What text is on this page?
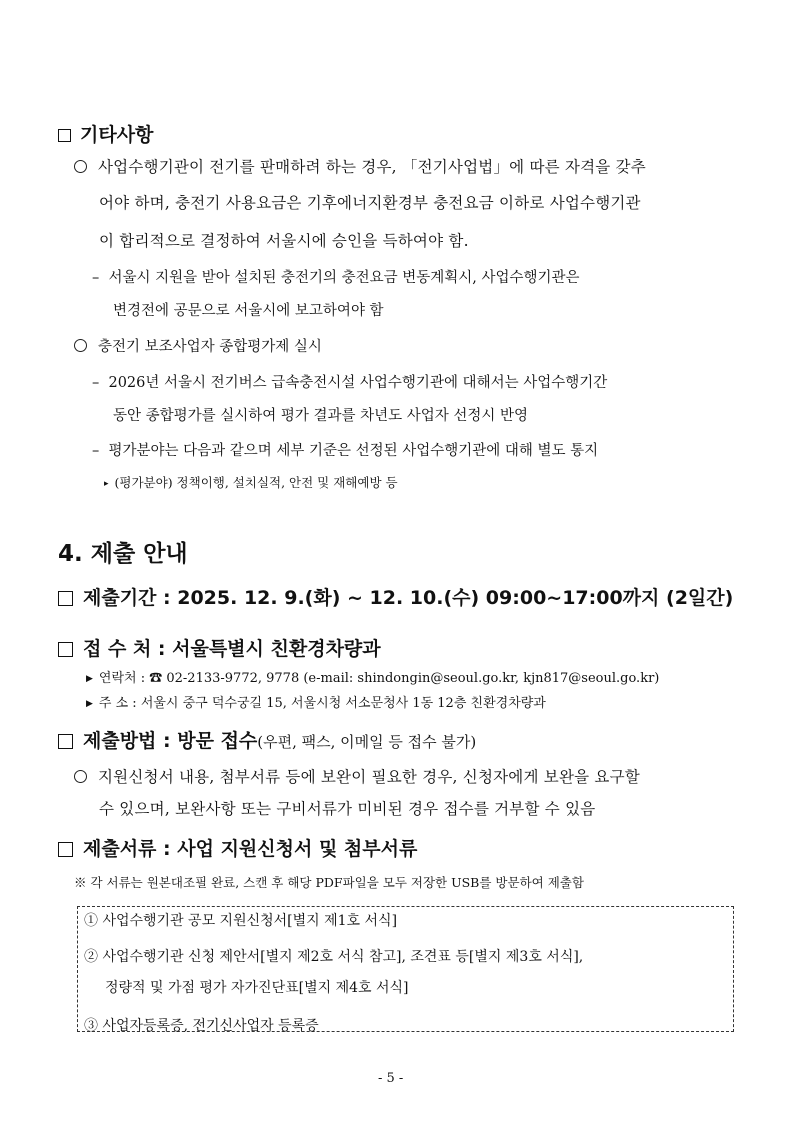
기타사항
사업수행기관이 전기를 판매하려 하는 경우, 「전기사업법」에 따른 자격을 갖추
어야 하며, 충전기 사용요금은 기후에너지환경부 충전요금 이하로 사업수행기관
이 합리적으로 결정하여 서울시에 승인을 득하여야 함.
– 서울시 지원을 받아 설치된 충전기의 충전요금 변동계획시, 사업수행기관은
변경전에 공문으로 서울시에 보고하여야 함
충전기 보조사업자 종합평가제 실시
– 2026년 서울시 전기버스 급속충전시설 사업수행기관에 대해서는 사업수행기간
동안 종합평가를 실시하여 평가 결과를 차년도 사업자 선정시 반영
– 평가분야는 다음과 같으며 세부 기준은 선정된 사업수행기관에 대해 별도 통지
▸ (평가분야) 정책이행, 설치실적, 안전 및 재해예방 등
4. 제출 안내
제출기간 : 2025. 12. 9.(화) ~ 12. 10.(수) 09:00~17:00까지 (2일간)
접 수 처 : 서울특별시 친환경차량과
▶ 연락처 : ☎ 02-2133-9772, 9778 (e-mail: shindongin@seoul.go.kr, kjn817@seoul.go.kr)
▶ 주 소 : 서울시 중구 덕수궁길 15, 서울시청 서소문청사 1동 12층 친환경차량과
제출방법 : 방문 접수(우편, 팩스, 이메일 등 접수 불가)
지원신청서 내용, 첨부서류 등에 보완이 필요한 경우, 신청자에게 보완을 요구할
수 있으며, 보완사항 또는 구비서류가 미비된 경우 접수를 거부할 수 있음
제출서류 : 사업 지원신청서 및 첨부서류
※ 각 서류는 원본대조필 완료, 스캔 후 해당 PDF파일을 모두 저장한 USB를 방문하여 제출함
① 사업수행기관 공모 지원신청서[별지 제1호 서식]
② 사업수행기관 신청 제안서[별지 제2호 서식 참고], 조견표 등[별지 제3호 서식],
정량적 및 가점 평가 자가진단표[별지 제4호 서식]
③ 사업자등록증, 전기신사업자 등록증
- 5 -
